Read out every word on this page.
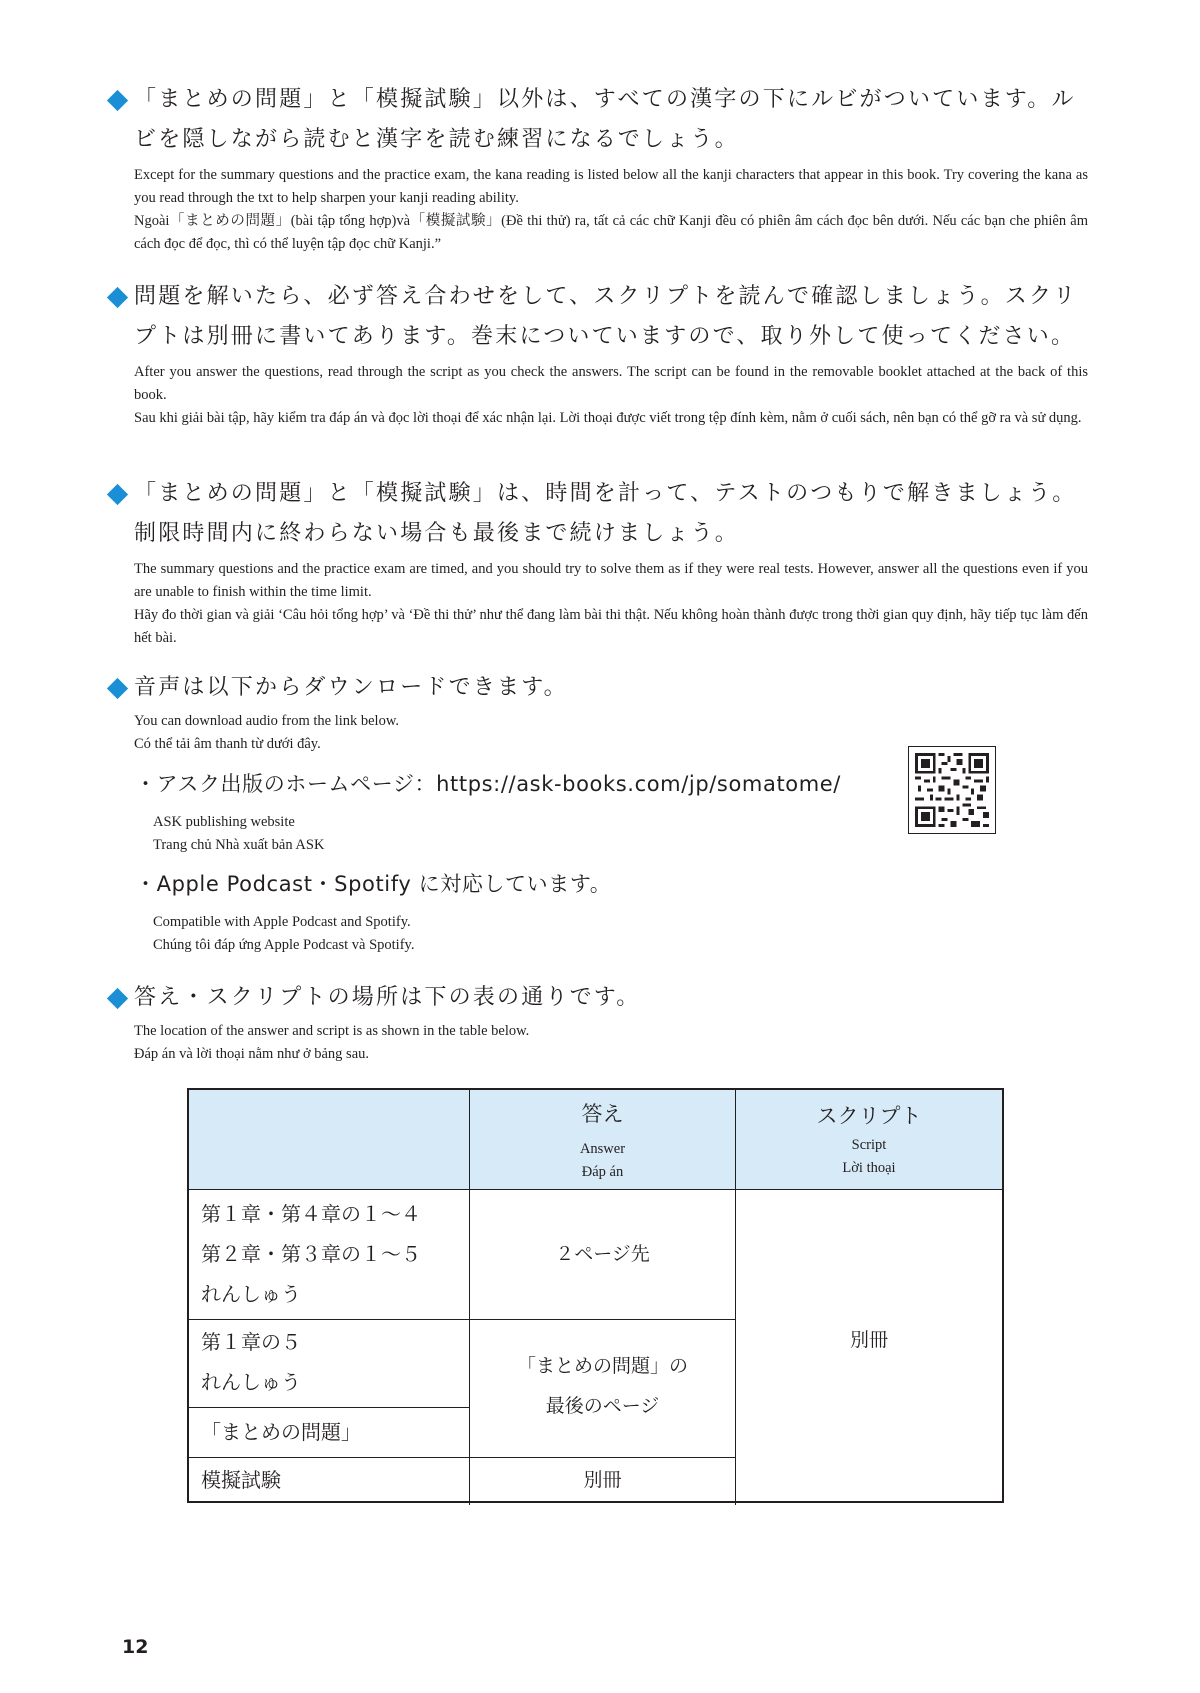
「まとめの問題」と「模擬試験」以外は、すべての漢字の下にルビがついています。ルビを隠しながら読むと漢字を読む練習になるでしょう。
Except for the summary questions and the practice exam, the kana reading is listed below all the kanji characters that appear in this book. Try covering the kana as you read through the txt to help sharpen your kanji reading ability.
Ngoài「まとめの問題」(bài tập tổng hợp)và「模擬試験」(Đề thi thử) ra, tất cả các chữ Kanji đều có phiên âm cách đọc bên dưới. Nếu các bạn che phiên âm cách đọc để đọc, thì có thể luyện tập đọc chữ Kanji.”
問題を解いたら、必ず答え合わせをして、スクリプトを読んで確認しましょう。スクリプトは別冊に書いてあります。巻末についていますので、取り外して使ってください。
After you answer the questions, read through the script as you check the answers. The script can be found in the removable booklet attached at the back of this book.
Sau khi giải bài tập, hãy kiểm tra đáp án và đọc lời thoại để xác nhận lại. Lời thoại được viết trong tệp đính kèm, nằm ở cuối sách, nên bạn có thể gỡ ra và sử dụng.
「まとめの問題」と「模擬試験」は、時間を計って、テストのつもりで解きましょう。制限時間内に終わらない場合も最後まで続けましょう。
The summary questions and the practice exam are timed, and you should try to solve them as if they were real tests. However, answer all the questions even if you are unable to finish within the time limit.
Hãy đo thời gian và giải ‘Câu hỏi tổng hợp’ và ‘Đề thi thử’ như thể đang làm bài thi thật. Nếu không hoàn thành được trong thời gian quy định, hãy tiếp tục làm đến hết bài.
音声は以下からダウンロードできます。
You can download audio from the link below.
Có thể tải âm thanh từ dưới đây.
・アスク出版のホームページ：https://ask-books.com/jp/somatome/
ASK publishing website
Trang chủ Nhà xuất bản ASK
・Apple Podcast・Spotify に対応しています。
Compatible with Apple Podcast and Spotify.
Chúng tôi đáp ứng Apple Podcast và Spotify.
答え・スクリプトの場所は下の表の通りです。
The location of the answer and script is as shown in the table below.
Đáp án và lời thoại nằm như ở bảng sau.
答え
Answer
Đáp án
スクリプト
Script
Lời thoại
第１章・第４章の１〜４
第２章・第３章の１〜５
れんしゅう
２ページ先
第１章の５
れんしゅう
「まとめの問題」
「まとめの問題」の
最後のページ
模擬試験	別冊
別冊
12
